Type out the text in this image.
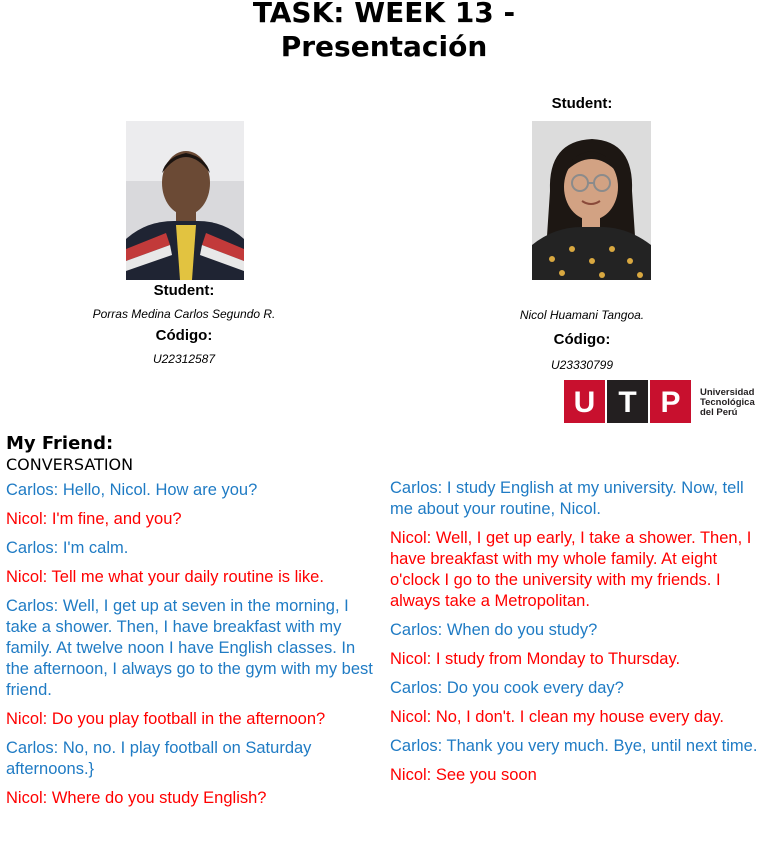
TASK: WEEK 13 -
Presentación
Student:
Porras Medina Carlos Segundo R.
Código:
U22312587
Student:
Nicol Huamani Tangoa.
Código:
U23330799
U T P Universidad
Tecnológica
del Perú
My Friend:
CONVERSATION

Carlos: Hello, Nicol. How are you?

Nicol: I'm fine, and you?

Carlos: I'm calm.

Nicol: Tell me what your daily routine is like.

Carlos: Well, I get up at seven in the morning, I take a shower. Then, I have breakfast with my family. At twelve noon I have English classes. In the afternoon, I always go to the gym with my best friend.

Nicol: Do you play football in the afternoon?

Carlos: No, no. I play football on Saturday afternoons.}

Nicol: Where do you study English?

Carlos: I study English at my university. Now, tell me about your routine, Nicol.

Nicol: Well, I get up early, I take a shower. Then, I have breakfast with my whole family. At eight o'clock I go to the university with my friends. I always take a Metropolitan.

Carlos: When do you study?

Nicol: I study from Monday to Thursday.

Carlos: Do you cook every day?

Nicol: No, I don't. I clean my house every day.

Carlos: Thank you very much. Bye, until next time.

Nicol: See you soon
